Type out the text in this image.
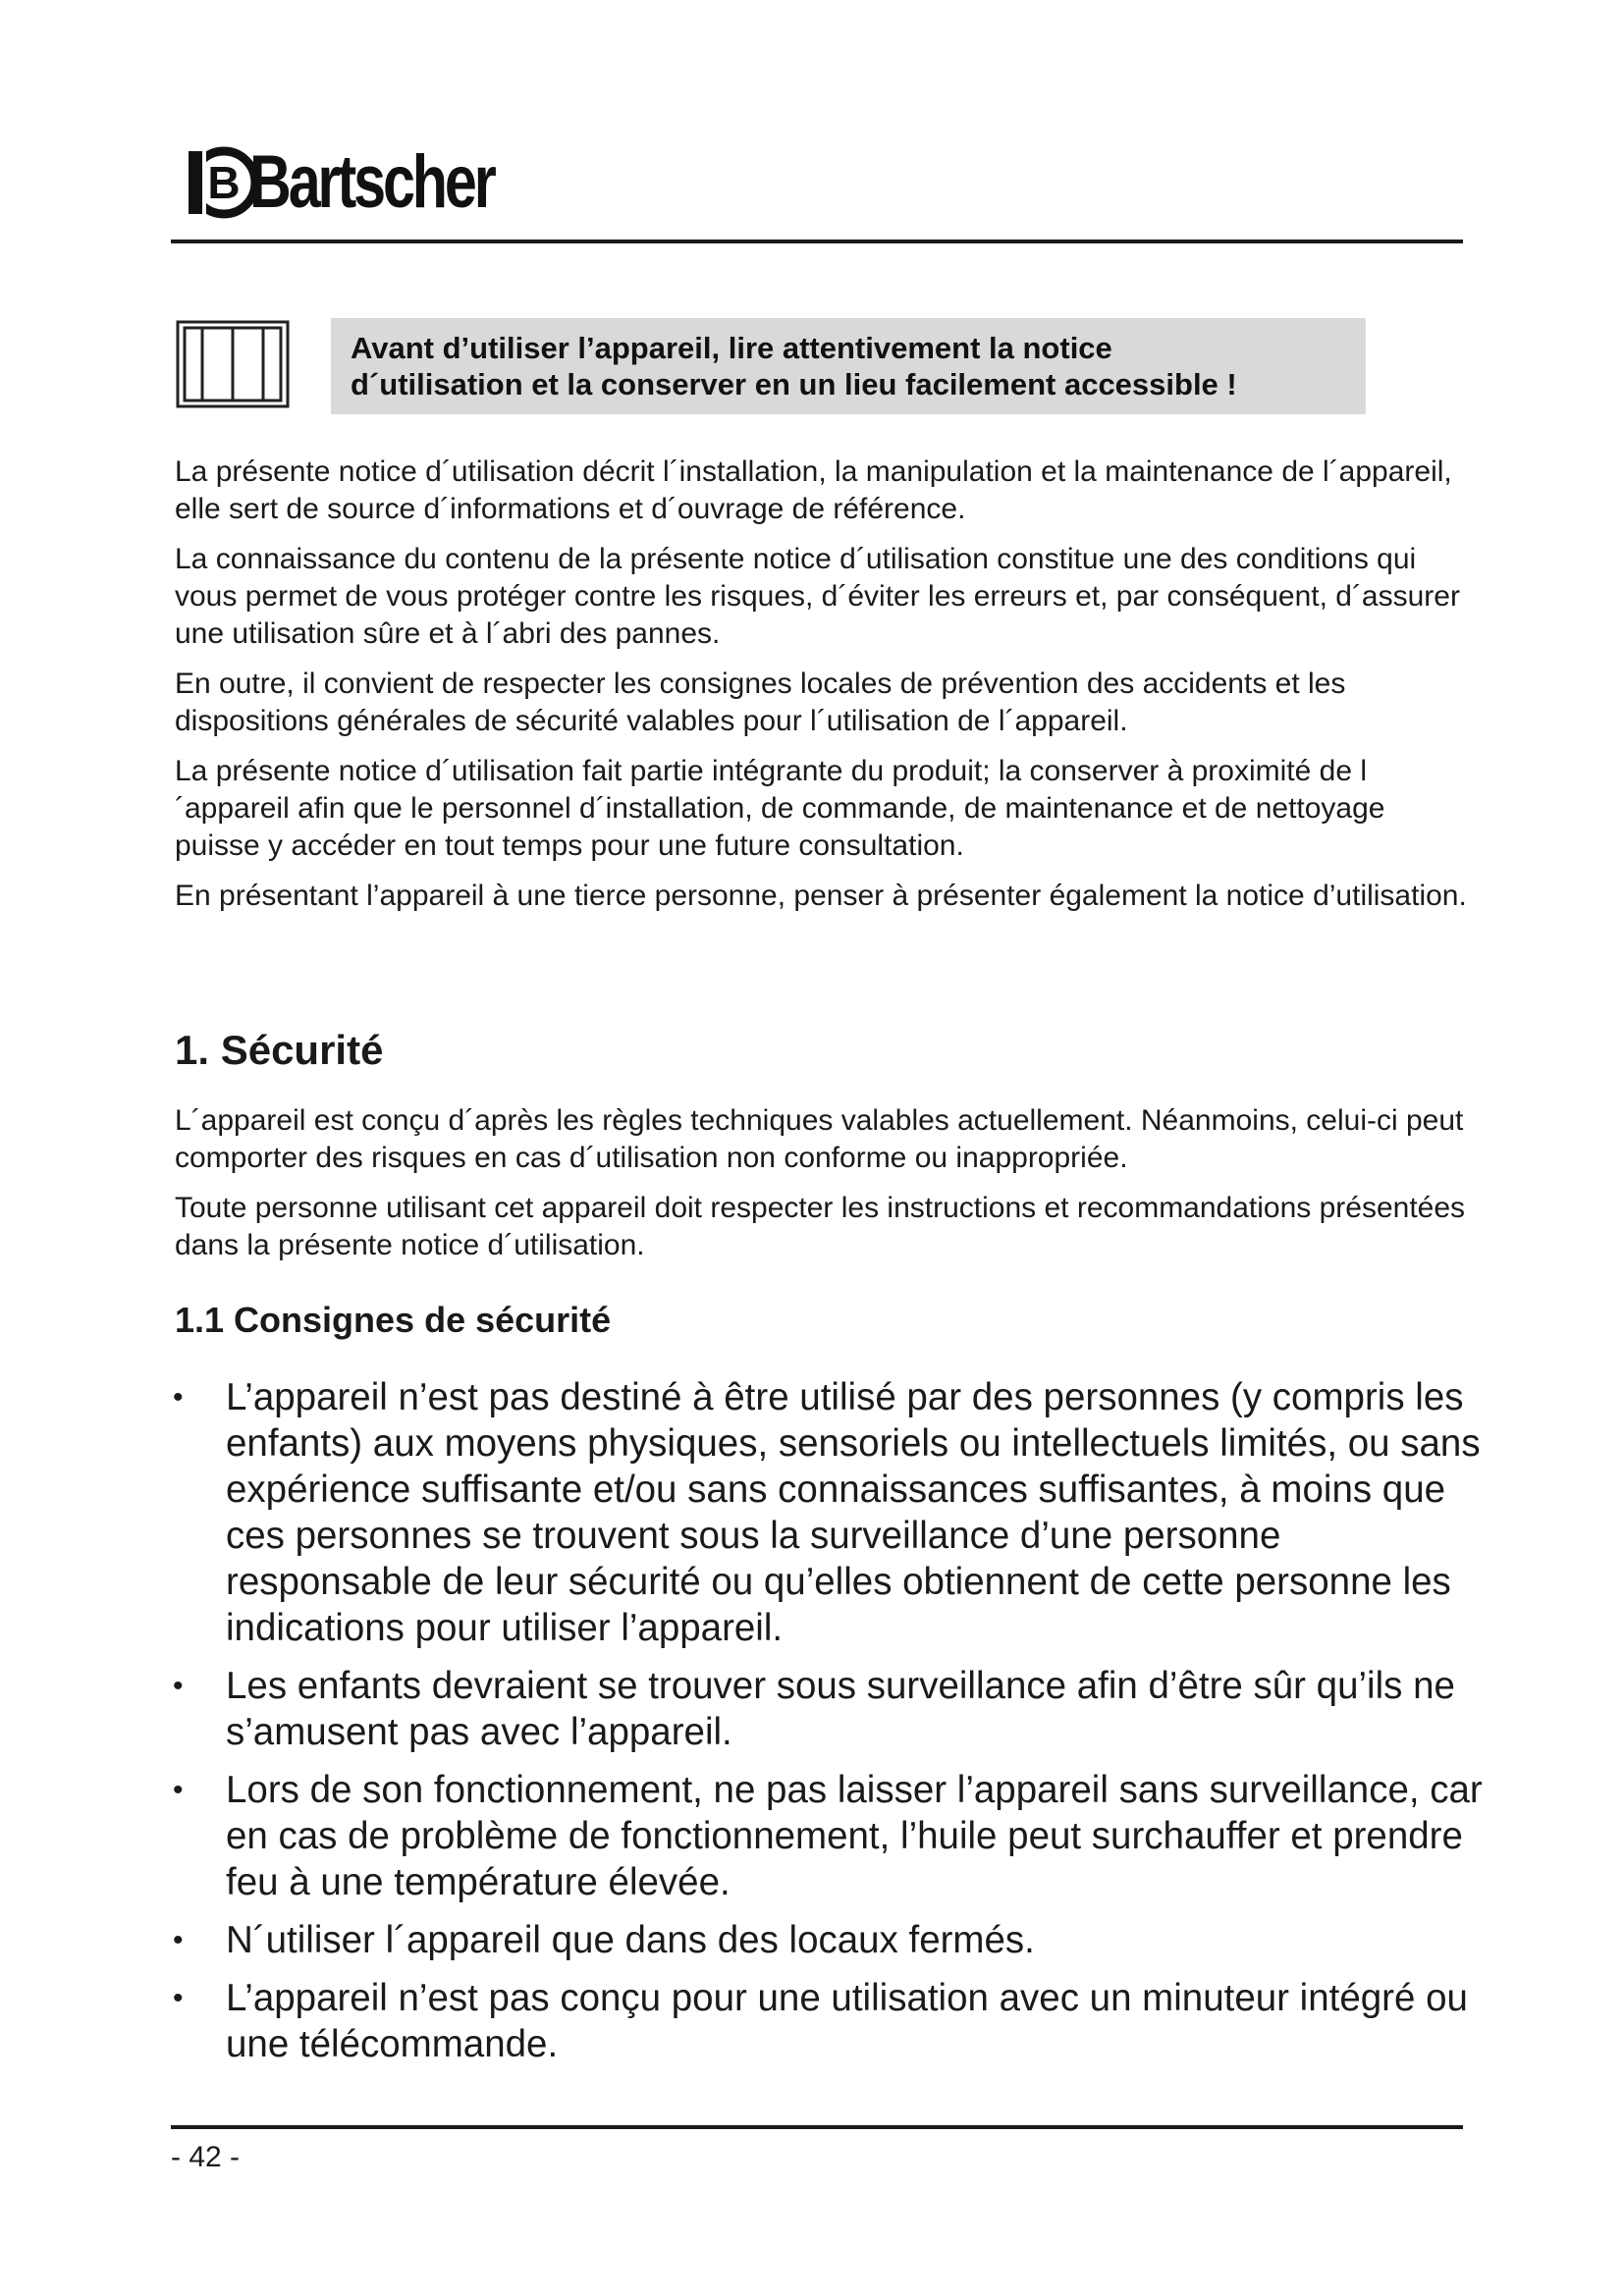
B Bartscher
Avant d’utiliser l’appareil, lire attentivement la notice
d´utilisation et la conserver en un lieu facilement accessible !

La présente notice d´utilisation décrit l´installation, la manipulation et la maintenance de l´appareil, elle sert de source d´informations et d´ouvrage de référence.

La connaissance du contenu de la présente notice d´utilisation constitue une des conditions qui vous permet de vous protéger contre les risques, d´éviter les erreurs et, par conséquent, d´assurer une utilisation sûre et à l´abri des pannes.

En outre, il convient de respecter les consignes locales de prévention des accidents et les dispositions générales de sécurité valables pour l´utilisation de l´appareil.

La présente notice d´utilisation fait partie intégrante du produit; la conserver à proximité de l´appareil afin que le personnel d´installation, de commande, de maintenance et de nettoyage puisse y accéder en tout temps pour une future consultation.

En présentant l’appareil à une tierce personne, penser à présenter également la notice d’utilisation.

1. Sécurité

L´appareil est conçu d´après les règles techniques valables actuellement. Néanmoins, celui-ci peut comporter des risques en cas d´utilisation non conforme ou inappropriée.

Toute personne utilisant cet appareil doit respecter les instructions et recommandations présentées dans la présente notice d´utilisation.

1.1 Consignes de sécurité
• L’appareil n’est pas destiné à être utilisé par des personnes (y compris les enfants) aux moyens physiques, sensoriels ou intellectuels limités, ou sans expérience suffisante et/ou sans connaissances suffisantes, à moins que ces personnes se trouvent sous la surveillance d’une personne responsable de leur sécurité ou qu’elles obtiennent de cette personne les indications pour utiliser l’appareil.
• Les enfants devraient se trouver sous surveillance afin d’être sûr qu’ils ne s’amusent pas avec l’appareil.
• Lors de son fonctionnement, ne pas laisser l’appareil sans surveillance, car en cas de problème de fonctionnement, l’huile peut surchauffer et prendre feu à une température élevée.
• N´utiliser l´appareil que dans des locaux fermés.
• L’appareil n’est pas conçu pour une utilisation avec un minuteur intégré ou une télécommande.
- 42 -
